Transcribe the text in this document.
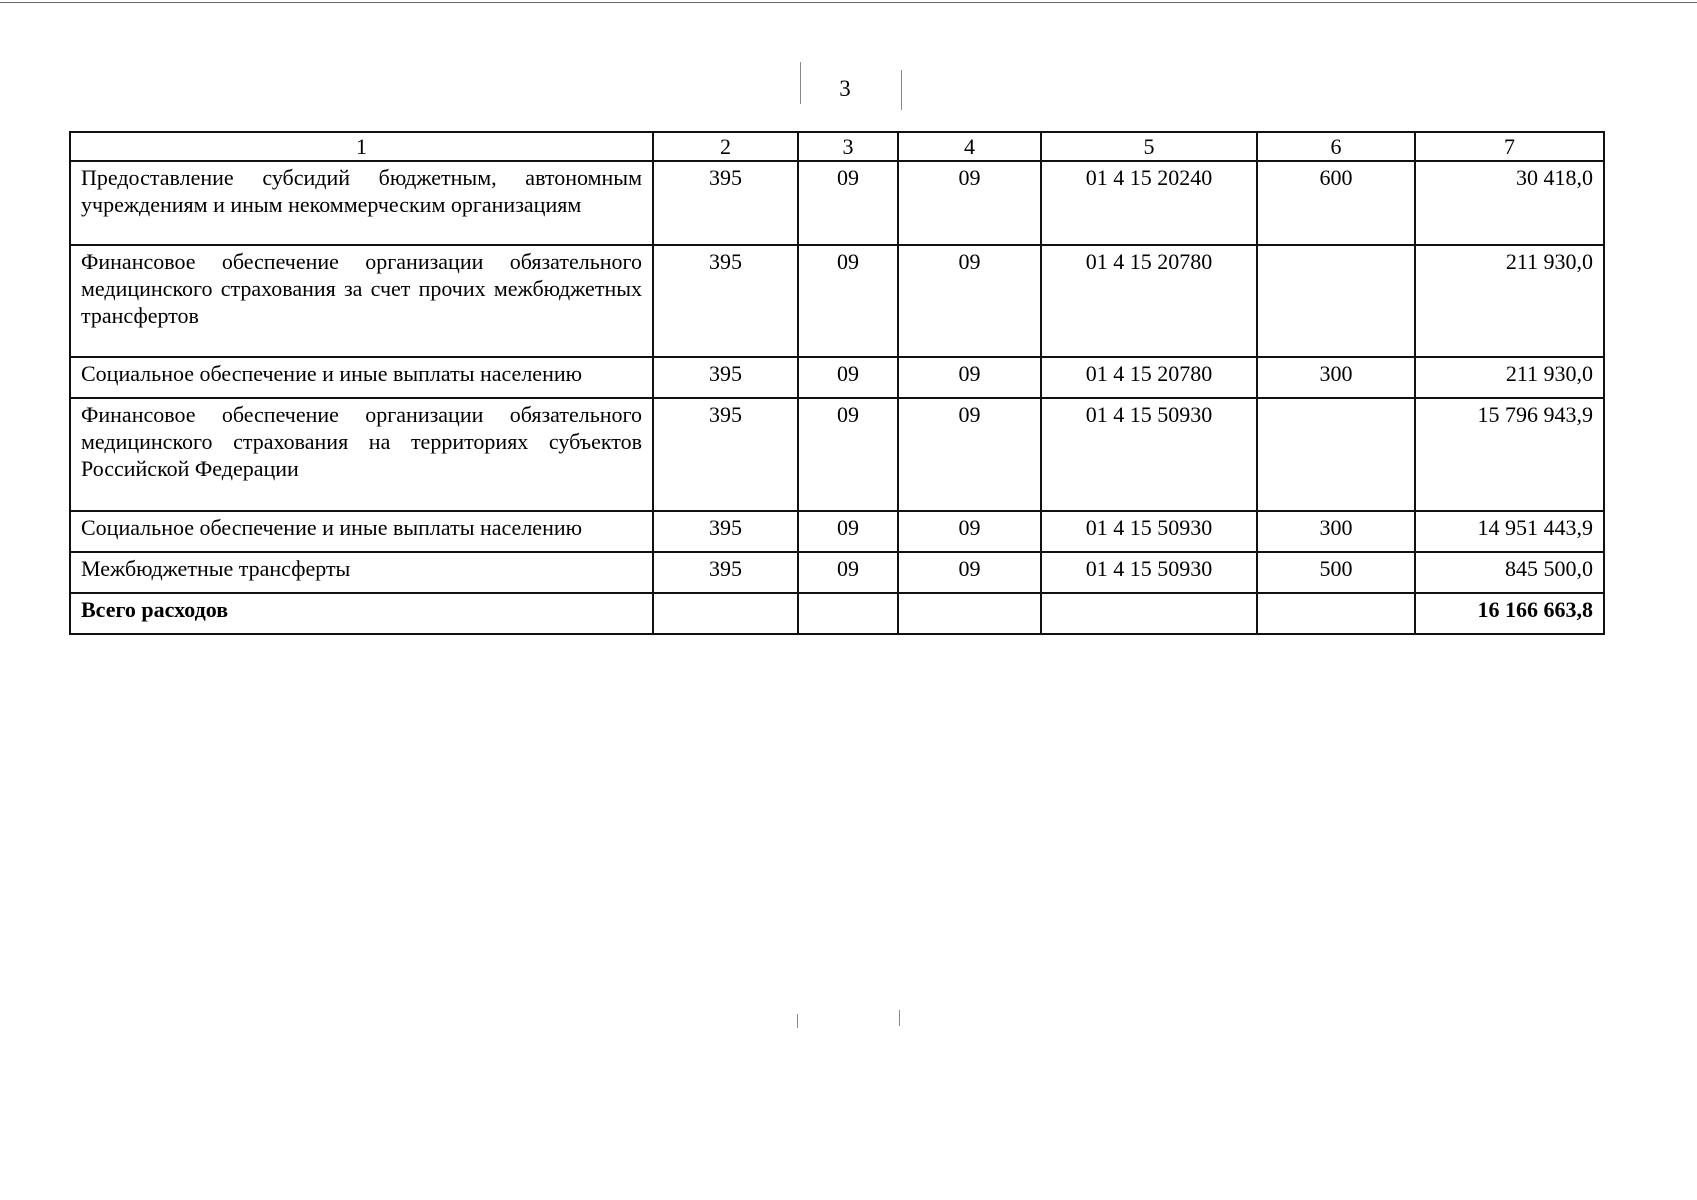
3
1	2	3	4	5	6	7
Предоставление субсидий бюджетным, автономным учреждениям и иным некоммерческим организациям	395	09	09	01 4 15 20240	600	30 418,0
Финансовое обеспечение организации обязательного медицинского страхования за счет прочих межбюджетных трансфертов	395	09	09	01 4 15 20780		211 930,0
Социальное обеспечение и иные выплаты населению	395	09	09	01 4 15 20780	300	211 930,0
Финансовое обеспечение организации обязательного медицинского страхования на территориях субъектов Российской Федерации	395	09	09	01 4 15 50930		15 796 943,9
Социальное обеспечение и иные выплаты населению	395	09	09	01 4 15 50930	300	14 951 443,9
Межбюджетные трансферты	395	09	09	01 4 15 50930	500	845 500,0
Всего расходов						16 166 663,8
